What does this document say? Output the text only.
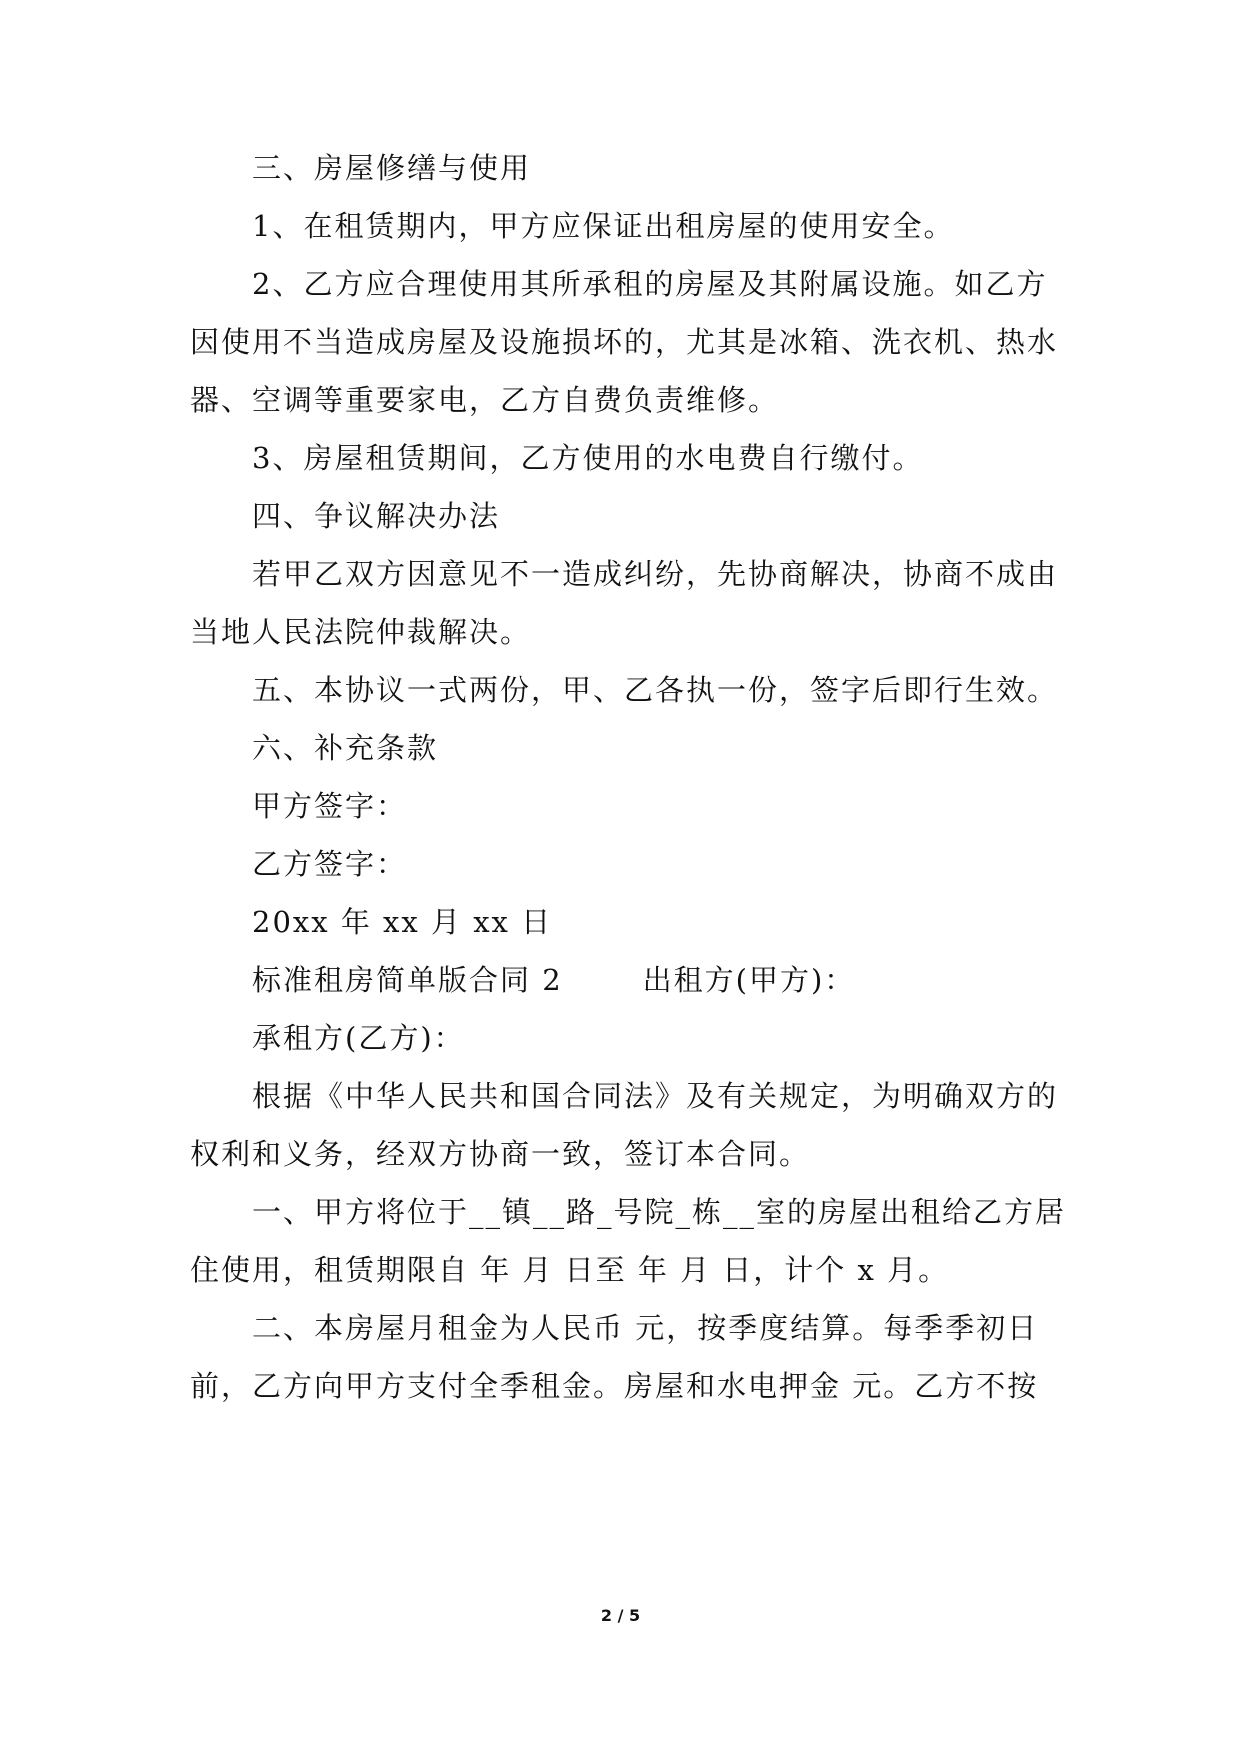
三、房屋修缮与使用
1、在租赁期内，甲方应保证出租房屋的使用安全。
2、乙方应合理使用其所承租的房屋及其附属设施。如乙方
因使用不当造成房屋及设施损坏的，尤其是冰箱、洗衣机、热水
器、空调等重要家电，乙方自费负责维修。
3、房屋租赁期间，乙方使用的水电费自行缴付。
四、争议解决办法
若甲乙双方因意见不一造成纠纷，先协商解决，协商不成由
当地人民法院仲裁解决。
五、本协议一式两份，甲、乙各执一份，签字后即行生效。
六、补充条款
甲方签字：
乙方签字：
20xx 年 xx 月 xx 日
标准租房简单版合同 2	出租方(甲方)：
承租方(乙方)：
根据《中华人民共和国合同法》及有关规定，为明确双方的
权利和义务，经双方协商一致，签订本合同。
一、甲方将位于__镇__路_号院_栋__室的房屋出租给乙方居
住使用，租赁期限自 年 月 日至 年 月 日，计个 x 月。
二、本房屋月租金为人民币 元，按季度结算。每季季初日
前，乙方向甲方支付全季租金。房屋和水电押金 元。乙方不按
2 / 5
